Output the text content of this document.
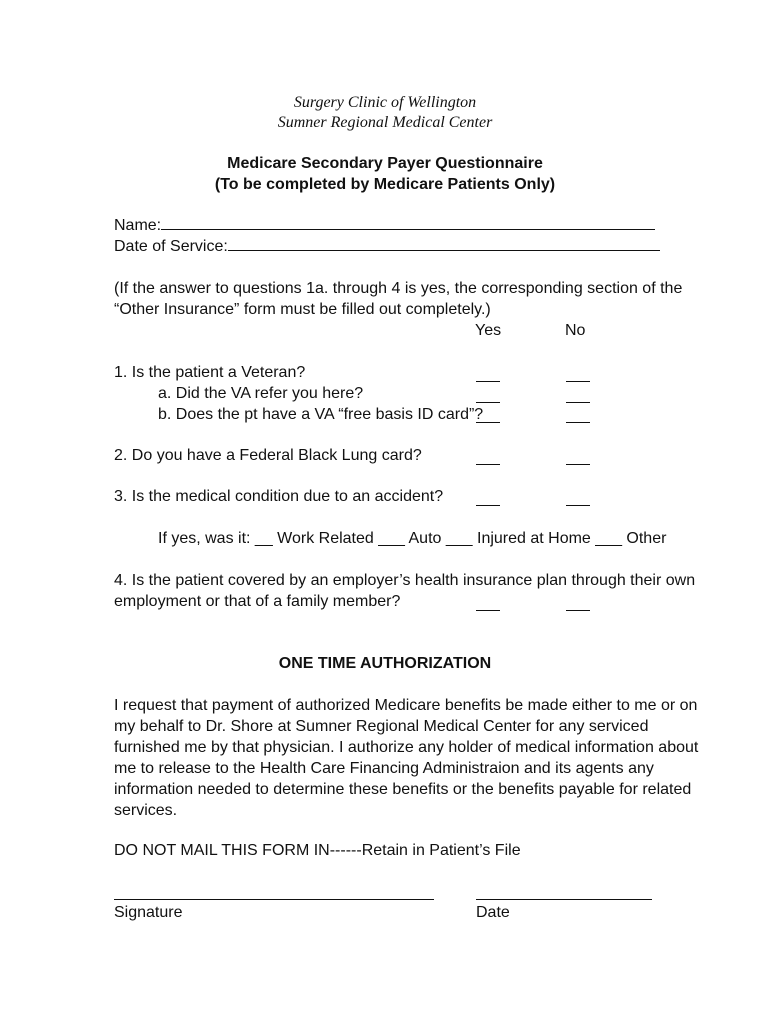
Surgery Clinic of Wellington
Sumner Regional Medical Center
Medicare Secondary Payer Questionnaire
(To be completed by Medicare Patients Only)
Name:
Date of Service:
(If the answer to questions 1a. through 4 is yes, the corresponding section of the
“Other Insurance” form must be filled out completely.)
Yes	No
1. Is the patient a Veteran?
a. Did the VA refer you here?
b. Does the pt have a VA “free basis ID card”?
2. Do you have a Federal Black Lung card?
3. Is the medical condition due to an accident?
If yes, was it: __ Work Related ___ Auto ___ Injured at Home ___ Other
4. Is the patient covered by an employer’s health insurance plan through their own
employment or that of a family member?
ONE TIME AUTHORIZATION
I request that payment of authorized Medicare benefits be made either to me or on
my behalf to Dr. Shore at Sumner Regional Medical Center for any serviced
furnished me by that physician. I authorize any holder of medical information about
me to release to the Health Care Financing Administraion and its agents any
information needed to determine these benefits or the benefits payable for related
services.
DO NOT MAIL THIS FORM IN------Retain in Patient’s File
Signature	Date
